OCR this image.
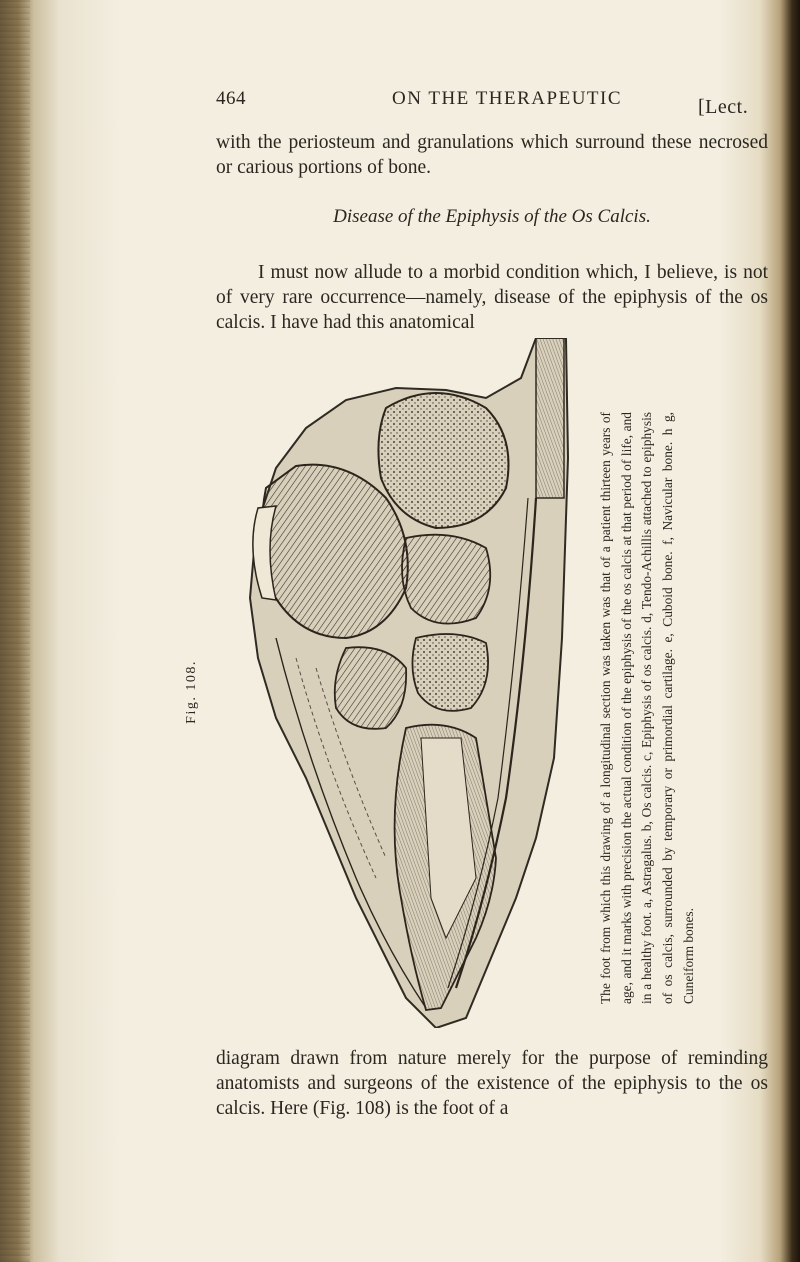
464	ON THE THERAPEUTIC	[Lect.
with the periosteum and granulations which surround these necrosed or carious portions of bone.
Disease of the Epiphysis of the Os Calcis.
I must now allude to a morbid condition which, I believe, is not of very rare occurrence—namely, disease of the epiphysis of the os calcis. I have had this anatomical
Fig. 108.	The foot from which this drawing of a longitudinal section was taken was that of a patient thirteen years of age, and it marks with precision the actual condition of the epiphysis of the os calcis at that period of life, and in a healthy foot. a, Astragalus. b, Os calcis. c, Epiphysis of os calcis. d, Tendo-Achillis attached to epiphysis of os calcis, surrounded by temporary or primordial cartilage. e, Cuboid bone. f, Navicular bone. h g, Cuneiform bones.
diagram drawn from nature merely for the purpose of reminding anatomists and surgeons of the existence of the epiphysis to the os calcis. Here (Fig. 108) is the foot of a
